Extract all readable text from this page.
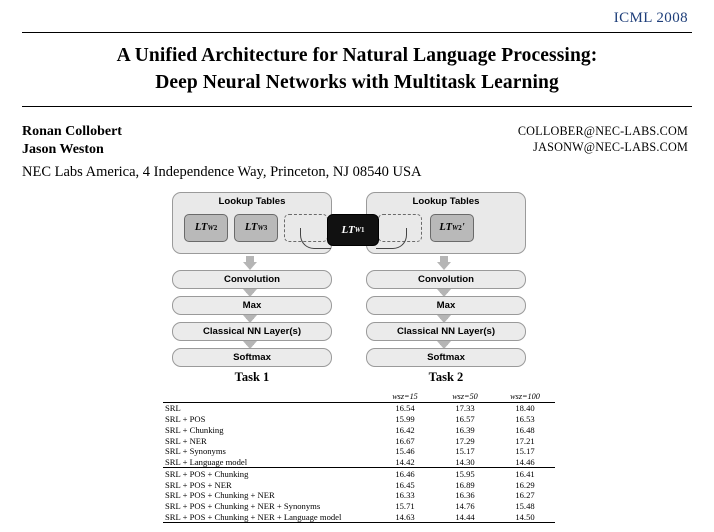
ICML 2008
A Unified Architecture for Natural Language Processing:
Deep Neural Networks with Multitask Learning
Ronan Collobert
Jason Weston
NEC Labs America, 4 Independence Way, Princeton, NJ 08540 USA
COLLOBER@NEC-LABS.COM
JASONW@NEC-LABS.COM
Lookup Tables	Lookup Tables
LT W 2	LT W 3	LT W 2 '
LT W 1
Convolution
Max
Classical NN Layer(s)
Softmax
Convolution
Max
Classical NN Layer(s)
Softmax
Task 1	Task 2
	wsz=15	wsz=50	wsz=100
SRL	16.54	17.33	18.40
SRL + POS	15.99	16.57	16.53
SRL + Chunking	16.42	16.39	16.48
SRL + NER	16.67	17.29	17.21
SRL + Synonyms	15.46	15.17	15.17
SRL + Language model	14.42	14.30	14.46
SRL + POS + Chunking	16.46	15.95	16.41
SRL + POS + NER	16.45	16.89	16.29
SRL + POS + Chunking + NER	16.33	16.36	16.27
SRL + POS + Chunking + NER + Synonyms	15.71	14.76	15.48
SRL + POS + Chunking + NER + Language model	14.63	14.44	14.50
